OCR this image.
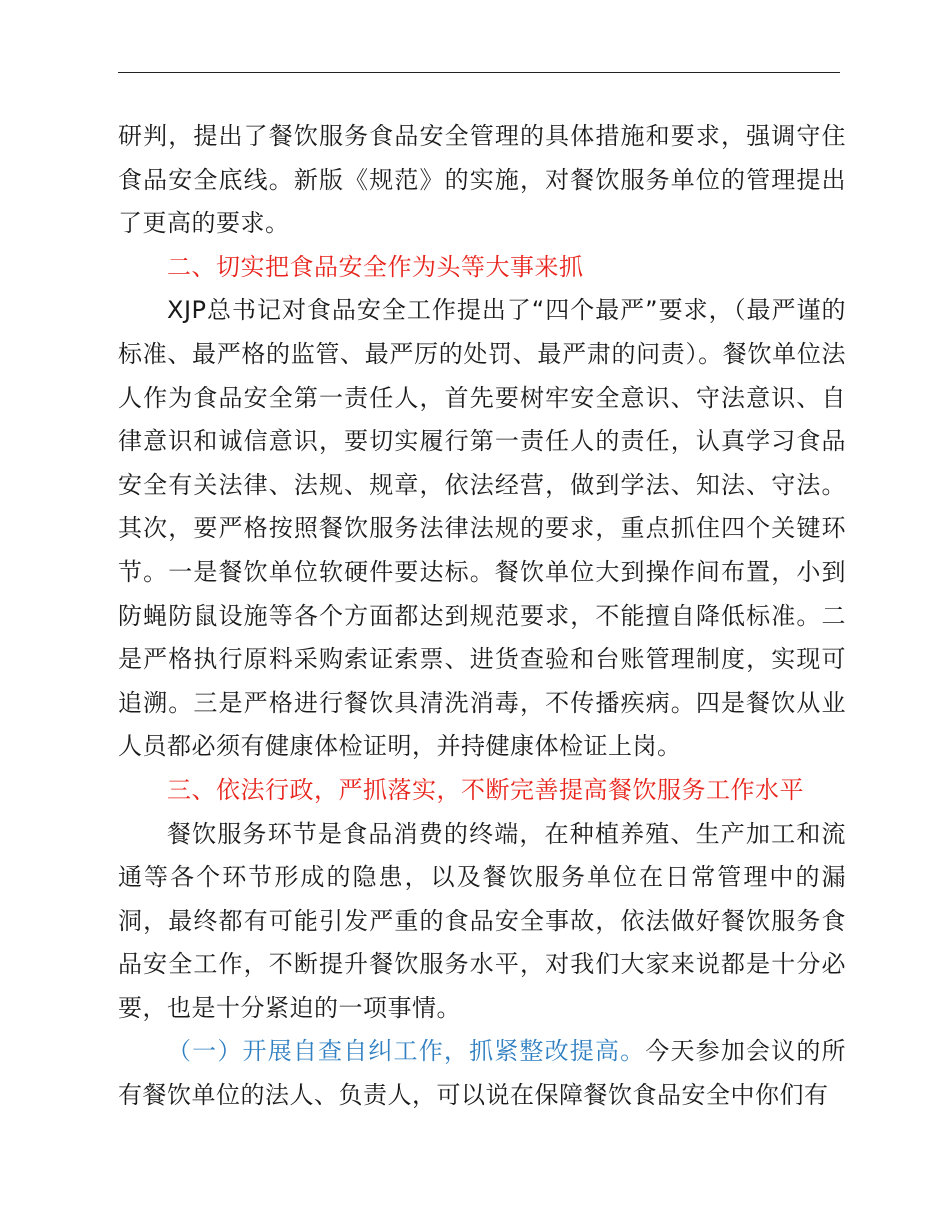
研判，提出了餐饮服务食品安全管理的具体措施和要求，强调守住食品安全底线。新版《规范》的实施，对餐饮服务单位的管理提出了更高的要求。

二、切实把食品安全作为头等大事来抓

XJP总书记对食品安全工作提出了“四个最严”要求，（最严谨的标准、最严格的监管、最严厉的处罚、最严肃的问责）。餐饮单位法人作为食品安全第一责任人，首先要树牢安全意识、守法意识、自律意识和诚信意识，要切实履行第一责任人的责任，认真学习食品安全有关法律、法规、规章，依法经营，做到学法、知法、守法。其次，要严格按照餐饮服务法律法规的要求，重点抓住四个关键环节。一是餐饮单位软硬件要达标。餐饮单位大到操作间布置，小到防蝇防鼠设施等各个方面都达到规范要求，不能擅自降低标准。二是严格执行原料采购索证索票、进货查验和台账管理制度，实现可追溯。三是严格进行餐饮具清洗消毒，不传播疾病。四是餐饮从业人员都必须有健康体检证明，并持健康体检证上岗。

三、依法行政，严抓落实，不断完善提高餐饮服务工作水平

餐饮服务环节是食品消费的终端，在种植养殖、生产加工和流通等各个环节形成的隐患，以及餐饮服务单位在日常管理中的漏洞，最终都有可能引发严重的食品安全事故，依法做好餐饮服务食品安全工作，不断提升餐饮服务水平，对我们大家来说都是十分必要，也是十分紧迫的一项事情。

（一）开展自查自纠工作，抓紧整改提高。今天参加会议的所有餐饮单位的法人、负责人，可以说在保障餐饮食品安全中你们有
